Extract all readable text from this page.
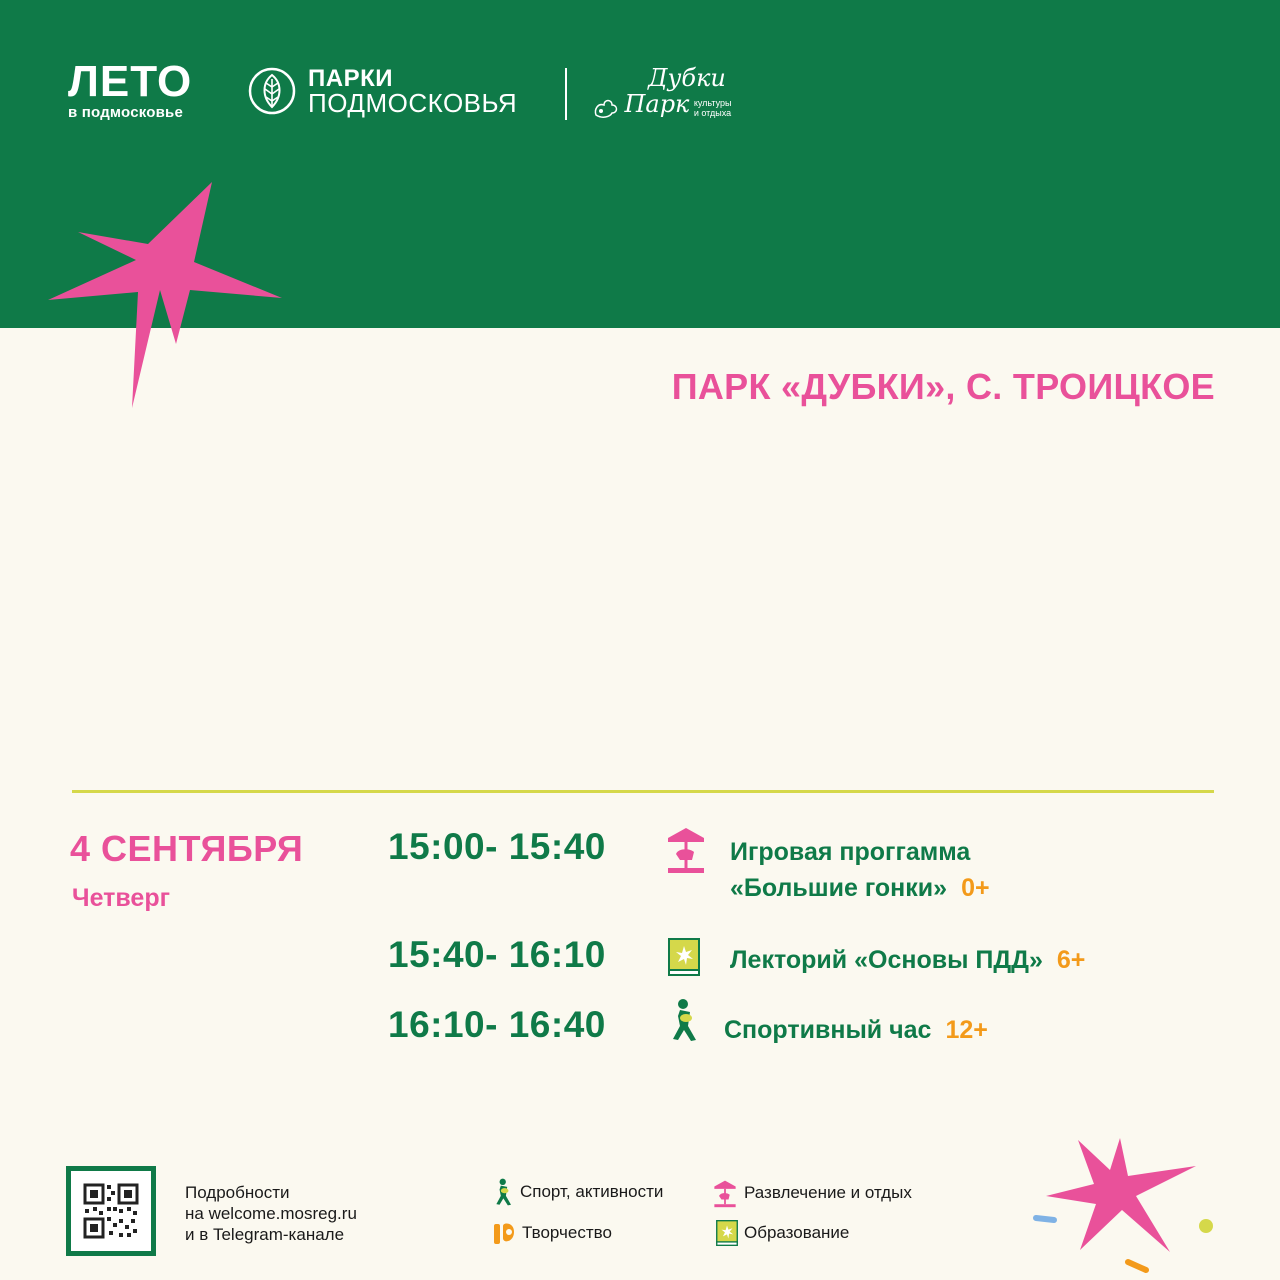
ЛЕТО
в подмосковье
ПАРКИ
ПОДМОСКОВЬЯ
Дубки
Парк культуры
и отдыха
ПАРК «ДУБКИ», С. ТРОИЦКОЕ
4 СЕНТЯБРЯ
Четверг
15:00- 15:40	Игровая проггамма
«Большие гонки» 0+
15:40- 16:10	Лекторий «Основы ПДД» 6+
16:10- 16:40	Спортивный час 12+
Подробности
на welcome.mosreg.ru
и в Telegram-канале
Спорт, активности	Развлечение и отдых
Творчество	Образование
